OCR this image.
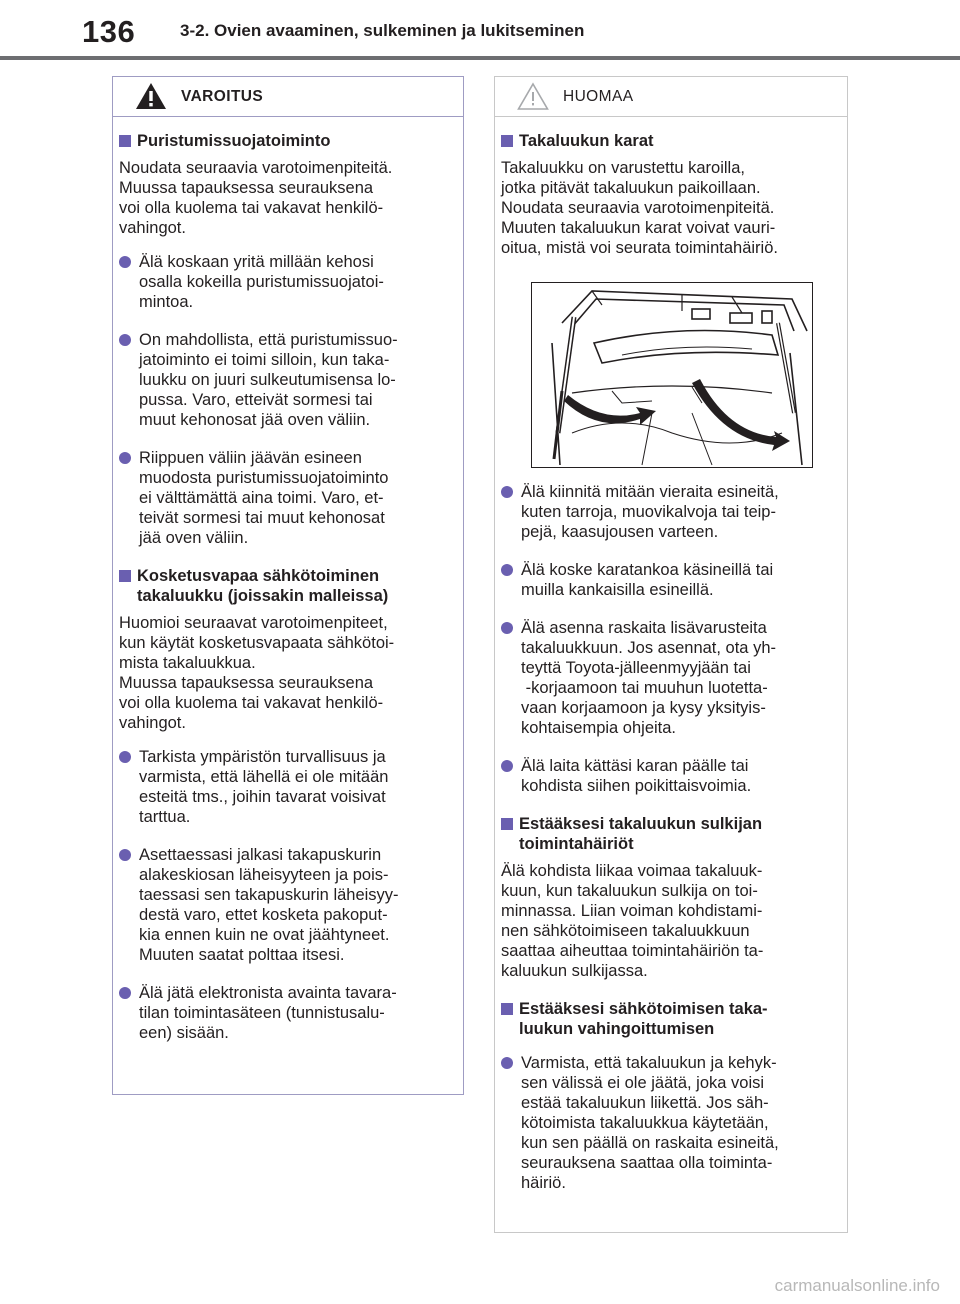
136	3-2. Ovien avaaminen, sulkeminen ja lukitseminen
VAROITUS
Puristumissuojatoiminto
Noudata seuraavia varotoimenpiteitä.
Muussa tapauksessa seurauksena
voi olla kuolema tai vakavat henkilö-
vahingot.
Älä koskaan yritä millään kehosi
osalla kokeilla puristumissuojatoi-
mintoa.
On mahdollista, että puristumissuo-
jatoiminto ei toimi silloin, kun taka-
luukku on juuri sulkeutumisensa lo-
pussa. Varo, etteivät sormesi tai
muut kehonosat jää oven väliin.
Riippuen väliin jäävän esineen
muodosta puristumissuojatoiminto
ei välttämättä aina toimi. Varo, et-
teivät sormesi tai muut kehonosat
jää oven väliin.
Kosketusvapaa sähkötoiminen
takaluukku (joissakin malleissa)
Huomioi seuraavat varotoimenpiteet,
kun käytät kosketusvapaata sähkötoi-
mista takaluukkua.
Muussa tapauksessa seurauksena
voi olla kuolema tai vakavat henkilö-
vahingot.
Tarkista ympäristön turvallisuus ja
varmista, että lähellä ei ole mitään
esteitä tms., joihin tavarat voisivat
tarttua.
Asettaessasi jalkasi takapuskurin
alakeskiosan läheisyyteen ja pois-
taessasi sen takapuskurin läheisyy-
destä varo, ettet kosketa pakoput-
kia ennen kuin ne ovat jäähtyneet.
Muuten saatat polttaa itsesi.
Älä jätä elektronista avainta tavara-
tilan toimintasäteen (tunnistusalu-
een) sisään.
HUOMAA
Takaluukun karat
Takaluukku on varustettu karoilla,
jotka pitävät takaluukun paikoillaan.
Noudata seuraavia varotoimenpiteitä.
Muuten takaluukun karat voivat vauri-
oitua, mistä voi seurata toimintahäiriö.
Älä kiinnitä mitään vieraita esineitä,
kuten tarroja, muovikalvoja tai teip-
pejä, kaasujousen varteen.
Älä koske karatankoa käsineillä tai
muilla kankaisilla esineillä.
Älä asenna raskaita lisävarusteita
takaluukkuun. Jos asennat, ota yh-
teyttä Toyota-jälleenmyyjään tai
-korjaamoon tai muuhun luotetta-
vaan korjaamoon ja kysy yksityis-
kohtaisempia ohjeita.
Älä laita kättäsi karan päälle tai
kohdista siihen poikittaisvoimia.
Estääksesi takaluukun sulkijan
toimintahäiriöt
Älä kohdista liikaa voimaa takaluuk-
kuun, kun takaluukun sulkija on toi-
minnassa. Liian voiman kohdistami-
nen sähkötoimiseen takaluukkuun
saattaa aiheuttaa toimintahäiriön ta-
kaluukun sulkijassa.
Estääksesi sähkötoimisen taka-
luukun vahingoittumisen
Varmista, että takaluukun ja kehyk-
sen välissä ei ole jäätä, joka voisi
estää takaluukun liikettä. Jos säh-
kötoimista takaluukkua käytetään,
kun sen päällä on raskaita esineitä,
seurauksena saattaa olla toiminta-
häiriö.
carmanualsonline.info
